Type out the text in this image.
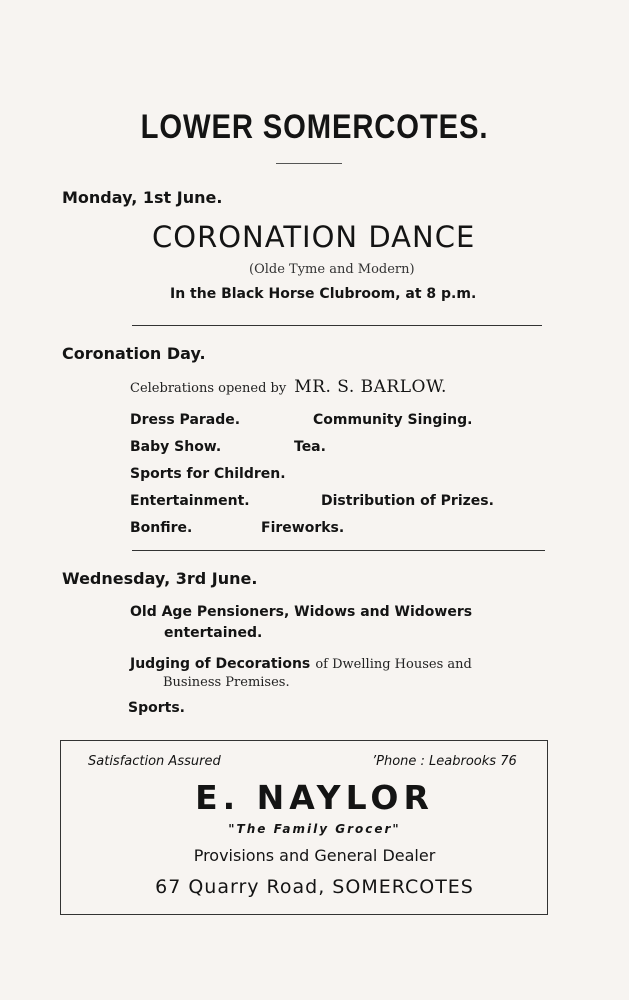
LOWER SOMERCOTES.
Monday, 1st June.
CORONATION DANCE
(Olde Tyme and Modern)
In the Black Horse Clubroom, at 8 p.m.
Coronation Day.
Celebrations opened by MR. S. BARLOW.
Dress Parade.	Community Singing.
Baby Show.	Tea.
Sports for Children.
Entertainment.	Distribution of Prizes.
Bonfire.	Fireworks.
Wednesday, 3rd June.
Old Age Pensioners, Widows and Widowers
entertained.
Judging of Decorations of Dwelling Houses and
Business Premises.
Sports.
Satisfaction Assured	’Phone : Leabrooks 76
E. NAYLOR
"The Family Grocer"
Provisions and General Dealer
67 Quarry Road, SOMERCOTES
